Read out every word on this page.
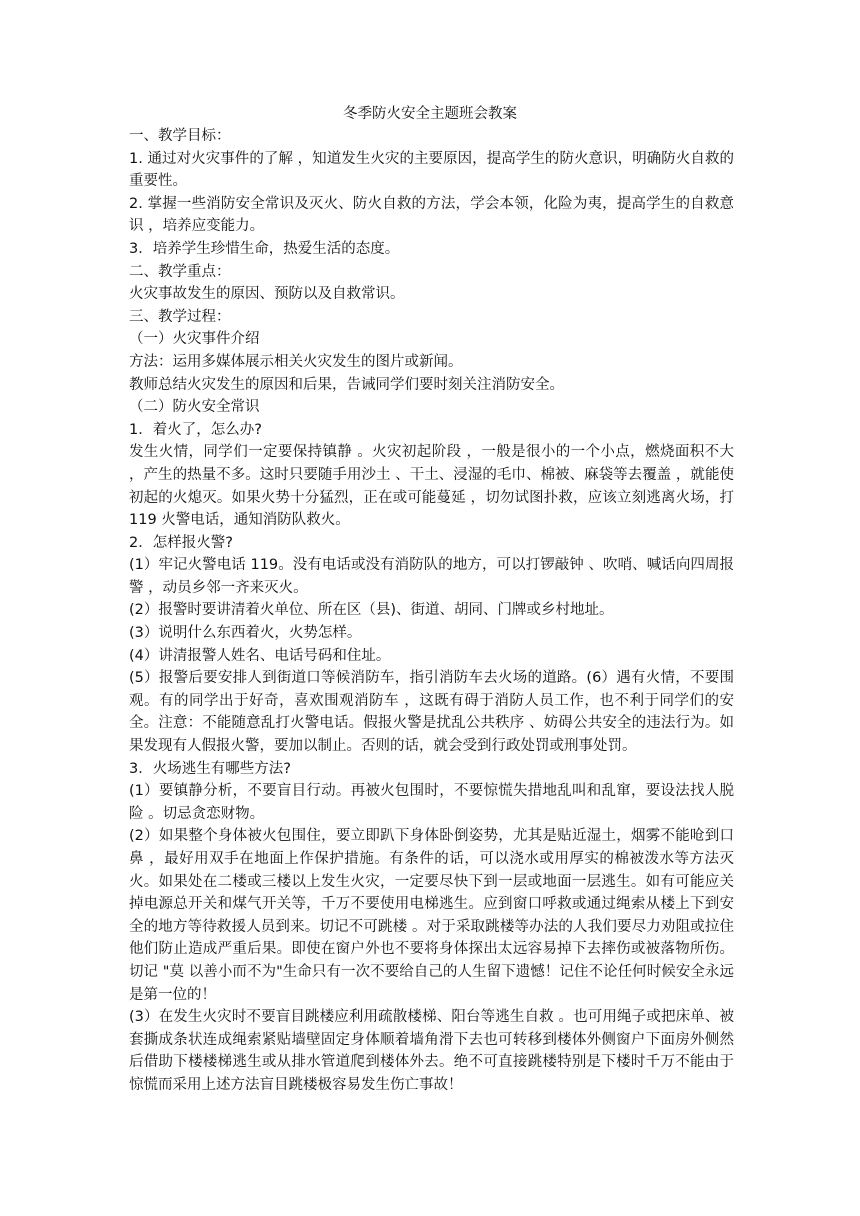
冬季防火安全主题班会教案

一、教学目标：

1. 通过对火灾事件的了解 ，知道发生火灾的主要原因，提高学生的防火意识，明确防火自救的重要性。

2. 掌握一些消防安全常识及灭火、防火自救的方法，学会本领，化险为夷，提高学生的自救意识 ，培养应变能力。

3．培养学生珍惜生命，热爱生活的态度。

二、教学重点：

火灾事故发生的原因、预防以及自救常识。

三、教学过程：

（一）火灾事件介绍

方法：运用多媒体展示相关火灾发生的图片或新闻。

教师总结火灾发生的原因和后果，告诫同学们要时刻关注消防安全。

（二）防火安全常识

1．着火了，怎么办?

发生火情，同学们一定要保持镇静 。火灾初起阶段 ，一般是很小的一个小点，燃烧面积不大 ，产生的热量不多。这时只要随手用沙土 、干土、浸湿的毛巾、棉被、麻袋等去覆盖 ，就能使初起的火熄灭。如果火势十分猛烈，正在或可能蔓延 ，切勿试图扑救，应该立刻逃离火场，打 119 火警电话，通知消防队救火。

2．怎样报火警?

(1）牢记火警电话 119。没有电话或没有消防队的地方，可以打锣敲钟 、吹哨、喊话向四周报警 ，动员乡邻一齐来灭火。

(2）报警时要讲清着火单位、所在区（县)、街道、胡同、门牌或乡村地址。

(3）说明什么东西着火，火势怎样。

(4）讲清报警人姓名、电话号码和住址。

(5）报警后要安排人到街道口等候消防车，指引消防车去火场的道路。(6）遇有火情，不要围观。有的同学出于好奇，喜欢围观消防车 ，这既有碍于消防人员工作，也不利于同学们的安全。注意：不能随意乱打火警电话。假报火警是扰乱公共秩序 、妨碍公共安全的违法行为。如果发现有人假报火警，要加以制止。否则的话，就会受到行政处罚或刑事处罚。

3．火场逃生有哪些方法?

(1）要镇静分析，不要盲目行动。再被火包围时，不要惊慌失措地乱叫和乱窜，要设法找人脱险 。切忌贪恋财物。

(2）如果整个身体被火包围住，要立即趴下身体卧倒姿势，尤其是贴近湿土，烟雾不能呛到口鼻 ，最好用双手在地面上作保护措施。有条件的话，可以浇水或用厚实的棉被泼水等方法灭火。如果处在二楼或三楼以上发生火灾，一定要尽快下到一层或地面一层逃生。如有可能应关掉电源总开关和煤气开关等，千万不要使用电梯逃生。应到窗口呼救或通过绳索从楼上下到安全的地方等待救援人员到来。切记不可跳楼 。对于采取跳楼等办法的人我们要尽力劝阻或拉住他们防止造成严重后果。即使在窗户外也不要将身体探出太远容易掉下去摔伤或被落物所伤。切记 "莫 以善小而不为"生命只有一次不要给自己的人生留下遗憾！记住不论任何时候安全永远是第一位的！

(3）在发生火灾时不要盲目跳楼应利用疏散楼梯、阳台等逃生自救 。也可用绳子或把床单、被套撕成条状连成绳索紧贴墙壁固定身体顺着墙角滑下去也可转移到楼体外侧窗户下面房外侧然后借助下楼楼梯逃生或从排水管道爬到楼体外去。绝不可直接跳楼特别是下楼时千万不能由于惊慌而采用上述方法盲目跳楼极容易发生伤亡事故！
